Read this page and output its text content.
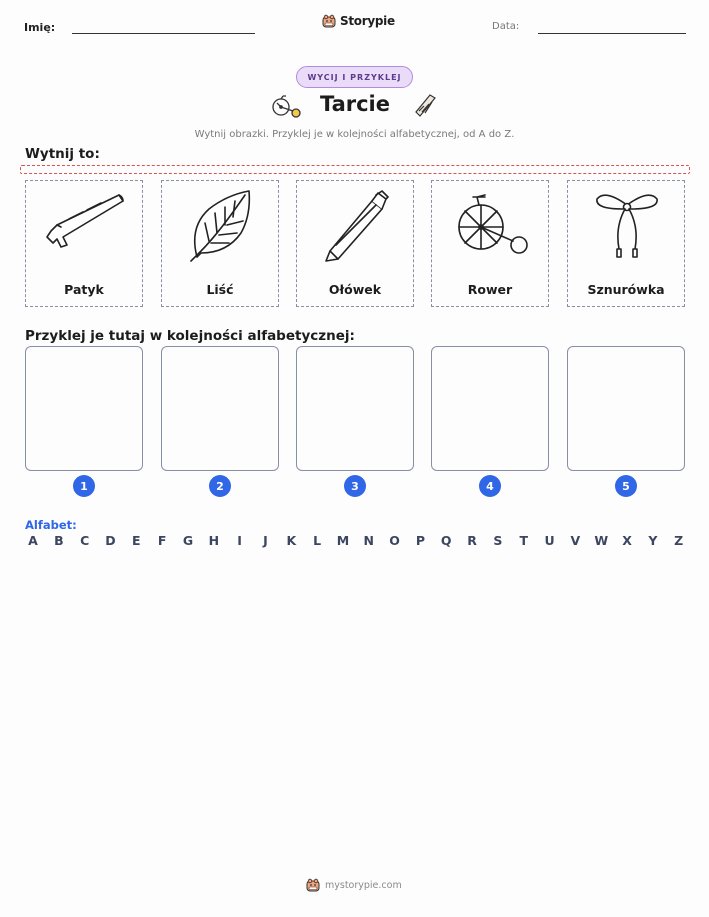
Imię:	Storypie	Data:
WYCIJ I PRZYKLEJ
Tarcie
Wytnij obrazki. Przyklej je w kolejności alfabetycznej, od A do Z.
Wytnij to:
Patyk	Liść	Ołówek	Rower	Sznurówka
Przyklej je tutaj w kolejności alfabetycznej:
1	2	3	4	5
Alfabet:
A B C D E F G H	I	J	K L M N O P Q R S T U V W X Y Z
mystorypie.com
